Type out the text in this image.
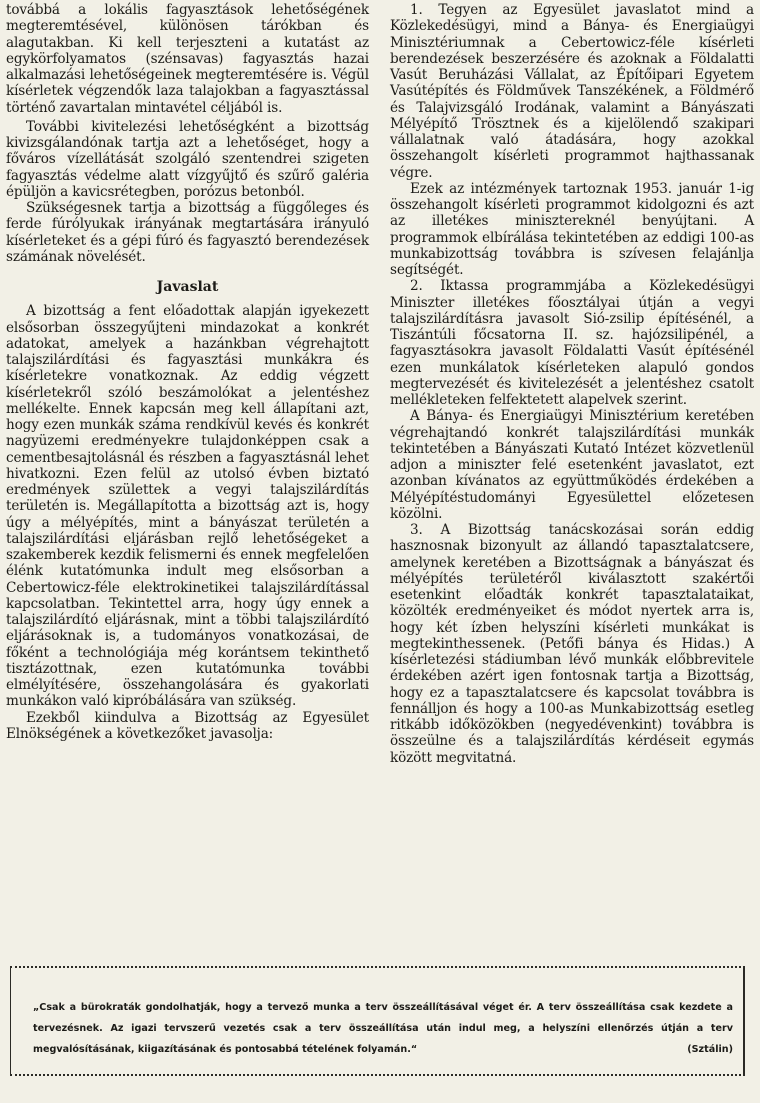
továbbá a lokális fagyasztások lehetőségének megteremtésével, különösen tárókban és alagutakban. Ki kell terjeszteni a kutatást az egykörfolyamatos (szénsavas) fagyasztás hazai alkalmazási lehetőségeinek megteremtésére is. Végül kísérletek végzendők laza talajokban a fagyasztással történő zavartalan mintavétel céljából is.

További kivitelezési lehetőségként a bizottság kivizsgálandónak tartja azt a lehetőséget, hogy a főváros vízellátását szolgáló szentendrei szigeten fagyasztás védelme alatt vízgyűjtő és szűrő galéria épüljön a kavicsrétegben, porózus betonból.

Szükségesnek tartja a bizottság a függőleges és ferde fúrólyukak irányának megtartására irányuló kísérleteket és a gépi fúró és fagyasztó berendezések számának növelését.

Javaslat

A bizottság a fent előadottak alapján igyekezett elsősorban összegyűjteni mindazokat a konkrét adatokat, amelyek a hazánkban végrehajtott talajszilárdítási és fagyasztási munkákra és kísérletekre vonatkoznak. Az eddig végzett kísérletekről szóló beszámolókat a jelentéshez mellékelte. Ennek kapcsán meg kell állapítani azt, hogy ezen munkák száma rendkívül kevés és konkrét nagyüzemi eredményekre tulajdonképpen csak a cementbesajtolásnál és részben a fagyasztásnál lehet hivatkozni. Ezen felül az utolsó évben biztató eredmények születtek a vegyi talajszilárdítás területén is. Megállapította a bizottság azt is, hogy úgy a mélyépítés, mint a bányászat területén a talajszilárdítási eljárásban rejlő lehetőségeket a szakemberek kezdik felismerni és ennek megfelelően élénk kutatómunka indult meg elsősorban a Cebertowicz-féle elektrokinetikei talajszilárdítással kapcsolatban. Tekintettel arra, hogy úgy ennek a talajszilárdító eljárásnak, mint a többi talajszilárdító eljárásoknak is, a tudományos vonatkozásai, de főként a technológiája még korántsem tekinthető tisztázottnak, ezen kutatómunka további elmélyítésére, összehangolására és gyakorlati munkákon való kipróbálására van szükség.

Ezekből kiindulva a Bizottság az Egyesület Elnökségének a következőket javasolja:

1. Tegyen az Egyesület javaslatot mind a Közlekedésügyi, mind a Bánya- és Energiaügyi Minisztériumnak a Cebertowicz-féle kísérleti berendezések beszerzésére és azoknak a Földalatti Vasút Beruházási Vállalat, az Építőipari Egyetem Vasútépítés és Földművek Tanszékének, a Földmérő és Talajvizsgáló Irodának, valamint a Bányászati Mélyépítő Trösztnek és a kijelölendő szakipari vállalatnak való átadására, hogy azokkal összehangolt kísérleti programmot hajthassanak végre.

Ezek az intézmények tartoznak 1953. január 1-ig összehangolt kísérleti programmot kidolgozni és azt az illetékes minisztereknél benyújtani. A programmok elbírálása tekintetében az eddigi 100-as munkabizottság továbbra is szívesen felajánlja segítségét.

2. Iktassa programmjába a Közlekedésügyi Miniszter illetékes főosztályai útján a vegyi talajszilárdításra javasolt Sió-zsilip építésénél, a Tiszántúli főcsatorna II. sz. hajózsilipénél, a fagyasztásokra javasolt Földalatti Vasút építésénél ezen munkálatok kísérleteken alapuló gondos megtervezését és kivitelezését a jelentéshez csatolt mellékleteken felfektetett alapelvek szerint.

A Bánya- és Energiaügyi Minisztérium keretében végrehajtandó konkrét talajszilárdítási munkák tekintetében a Bányászati Kutató Intézet közvetlenül adjon a miniszter felé esetenként javaslatot, ezt azonban kívánatos az együttműködés érdekében a Mélyépítéstudományi Egyesülettel előzetesen közölni.

3. A Bizottság tanácskozásai során eddig hasznosnak bizonyult az állandó tapasztalatcsere, amelynek keretében a Bizottságnak a bányászat és mélyépítés területéről kiválasztott szakértői esetenkint előadták konkrét tapasztalataikat, közölték eredményeiket és módot nyertek arra is, hogy két ízben helyszíni kísérleti munkákat is megtekinthessenek. (Petőfi bánya és Hidas.) A kísérletezési stádiumban lévő munkák előbbrevitele érdekében azért igen fontosnak tartja a Bizottság, hogy ez a tapasztalatcsere és kapcsolat továbbra is fennálljon és hogy a 100-as Munkabizottság esetleg ritkább időközökben (negyedévenkint) továbbra is összeülne és a talajszilárdítás kérdéseit egymás között megvitatná.

„Csak a bürokraták gondolhatják, hogy a tervező munka a terv összeállításával véget ér. A terv összeállítása csak kezdete a tervezésnek. Az igazi tervszerű vezetés csak a terv összeállítása után indul meg, a helyszíni ellenőrzés útján a terv megvalósításának, kiigazításának és pontosabbá tételének folyamán.“	(Sztálin)
